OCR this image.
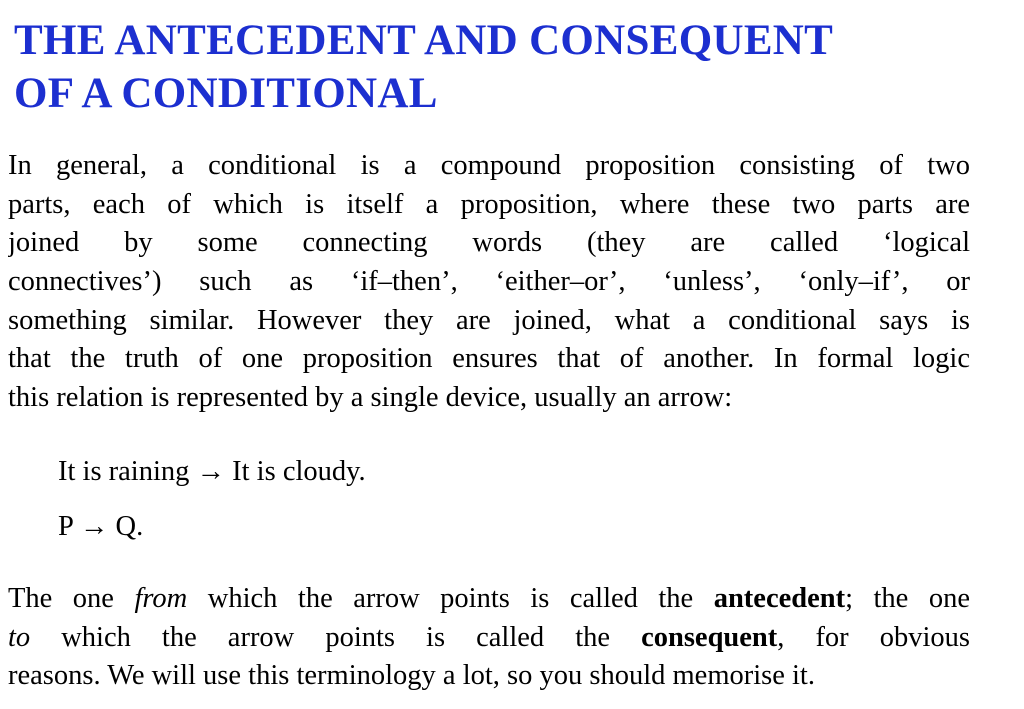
THE ANTECEDENT AND CONSEQUENT
OF A CONDITIONAL

In general, a conditional is a compound proposition consisting of two
parts, each of which is itself a proposition, where these two parts are
joined by some connecting words (they are called ‘logical
connectives’) such as ‘if–then’, ‘either–or’, ‘unless’, ‘only–if’, or
something similar. However they are joined, what a conditional says is
that the truth of one proposition ensures that of another. In formal logic
this relation is represented by a single device, usually an arrow:

It is raining → It is cloudy.

P → Q.

The one from which the arrow points is called the antecedent; the one
to which the arrow points is called the consequent, for obvious
reasons. We will use this terminology a lot, so you should memorise it.
